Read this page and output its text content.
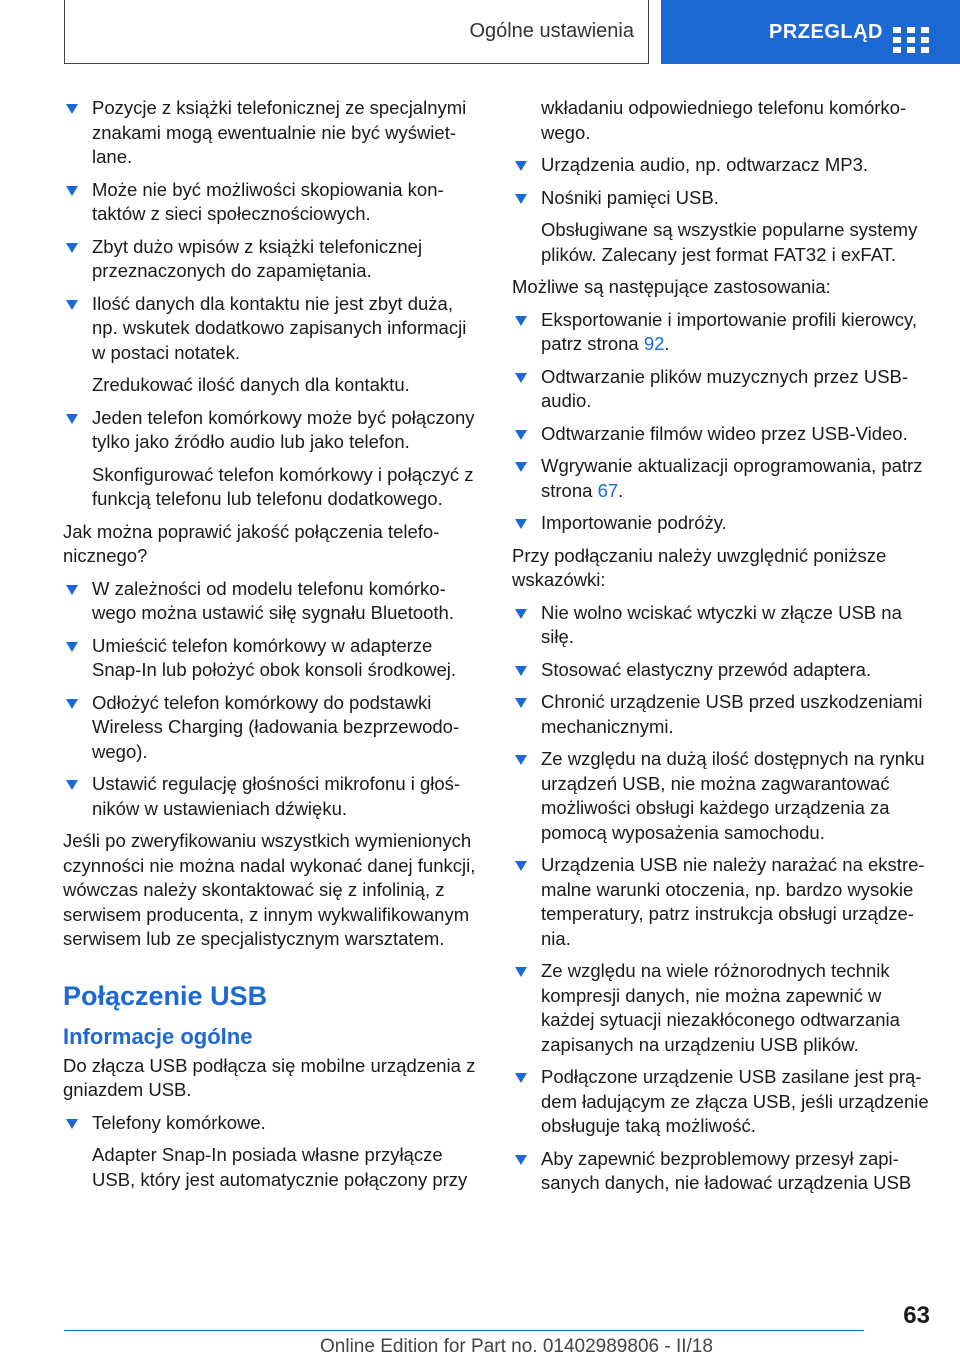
Ogólne ustawienia	PRZEGLĄD
Pozycje z książki telefonicznej ze specjalnymi znakami mogą ewentualnie nie być wyświetlane.
Może nie być możliwości skopiowania kontaktów z sieci społecznościowych.
Zbyt dużo wpisów z książki telefonicznej przeznaczonych do zapamiętania.
Ilość danych dla kontaktu nie jest zbyt duża, np. wskutek dodatkowo zapisanych informacji w postaci notatek.
Zredukować ilość danych dla kontaktu.
Jeden telefon komórkowy może być połączony tylko jako źródło audio lub jako telefon.
Skonfigurować telefon komórkowy i połączyć z funkcją telefonu lub telefonu dodatkowego.

Jak można poprawić jakość połączenia telefonicznego?

W zależności od modelu telefonu komórkowego można ustawić siłę sygnału Bluetooth.
Umieścić telefon komórkowy w adapterze Snap-In lub położyć obok konsoli środkowej.
Odłożyć telefon komórkowy do podstawki Wireless Charging (ładowania bezprzewodowego).
Ustawić regulację głośności mikrofonu i głośników w ustawieniach dźwięku.

Jeśli po zweryfikowaniu wszystkich wymienionych czynności nie można nadal wykonać danej funkcji, wówczas należy skontaktować się z infolinią, z serwisem producenta, z innym wykwalifikowanym serwisem lub ze specjalistycznym warsztatem.

Połączenie USB
Informacje ogólne

Do złącza USB podłącza się mobilne urządzenia z gniazdem USB.

Telefony komórkowe.
Adapter Snap-In posiada własne przyłącze USB, który jest automatycznie połączony przy
wkładaniu odpowiedniego telefonu komórkowego.
Urządzenia audio, np. odtwarzacz MP3.
Nośniki pamięci USB.
Obsługiwane są wszystkie popularne systemy plików. Zalecany jest format FAT32 i exFAT.

Możliwe są następujące zastosowania:

Eksportowanie i importowanie profili kierowcy, patrz strona 92.
Odtwarzanie plików muzycznych przez USB-audio.
Odtwarzanie filmów wideo przez USB-Video.
Wgrywanie aktualizacji oprogramowania, patrz strona 67.
Importowanie podróży.

Przy podłączaniu należy uwzględnić poniższe wskazówki:

Nie wolno wciskać wtyczki w złącze USB na siłę.
Stosować elastyczny przewód adaptera.
Chronić urządzenie USB przed uszkodzeniami mechanicznymi.
Ze względu na dużą ilość dostępnych na rynku urządzeń USB, nie można zagwarantować możliwości obsługi każdego urządzenia za pomocą wyposażenia samochodu.
Urządzenia USB nie należy narażać na ekstremalne warunki otoczenia, np. bardzo wysokie temperatury, patrz instrukcja obsługi urządzenia.
Ze względu na wiele różnorodnych technik kompresji danych, nie można zapewnić w każdej sytuacji niezakłóconego odtwarzania zapisanych na urządzeniu USB plików.
Podłączone urządzenie USB zasilane jest prądem ładującym ze złącza USB, jeśli urządzenie obsługuje taką możliwość.
Aby zapewnić bezproblemowy przesył zapisanych danych, nie ładować urządzenia USB
63
Online Edition for Part no. 01402989806 - II/18
